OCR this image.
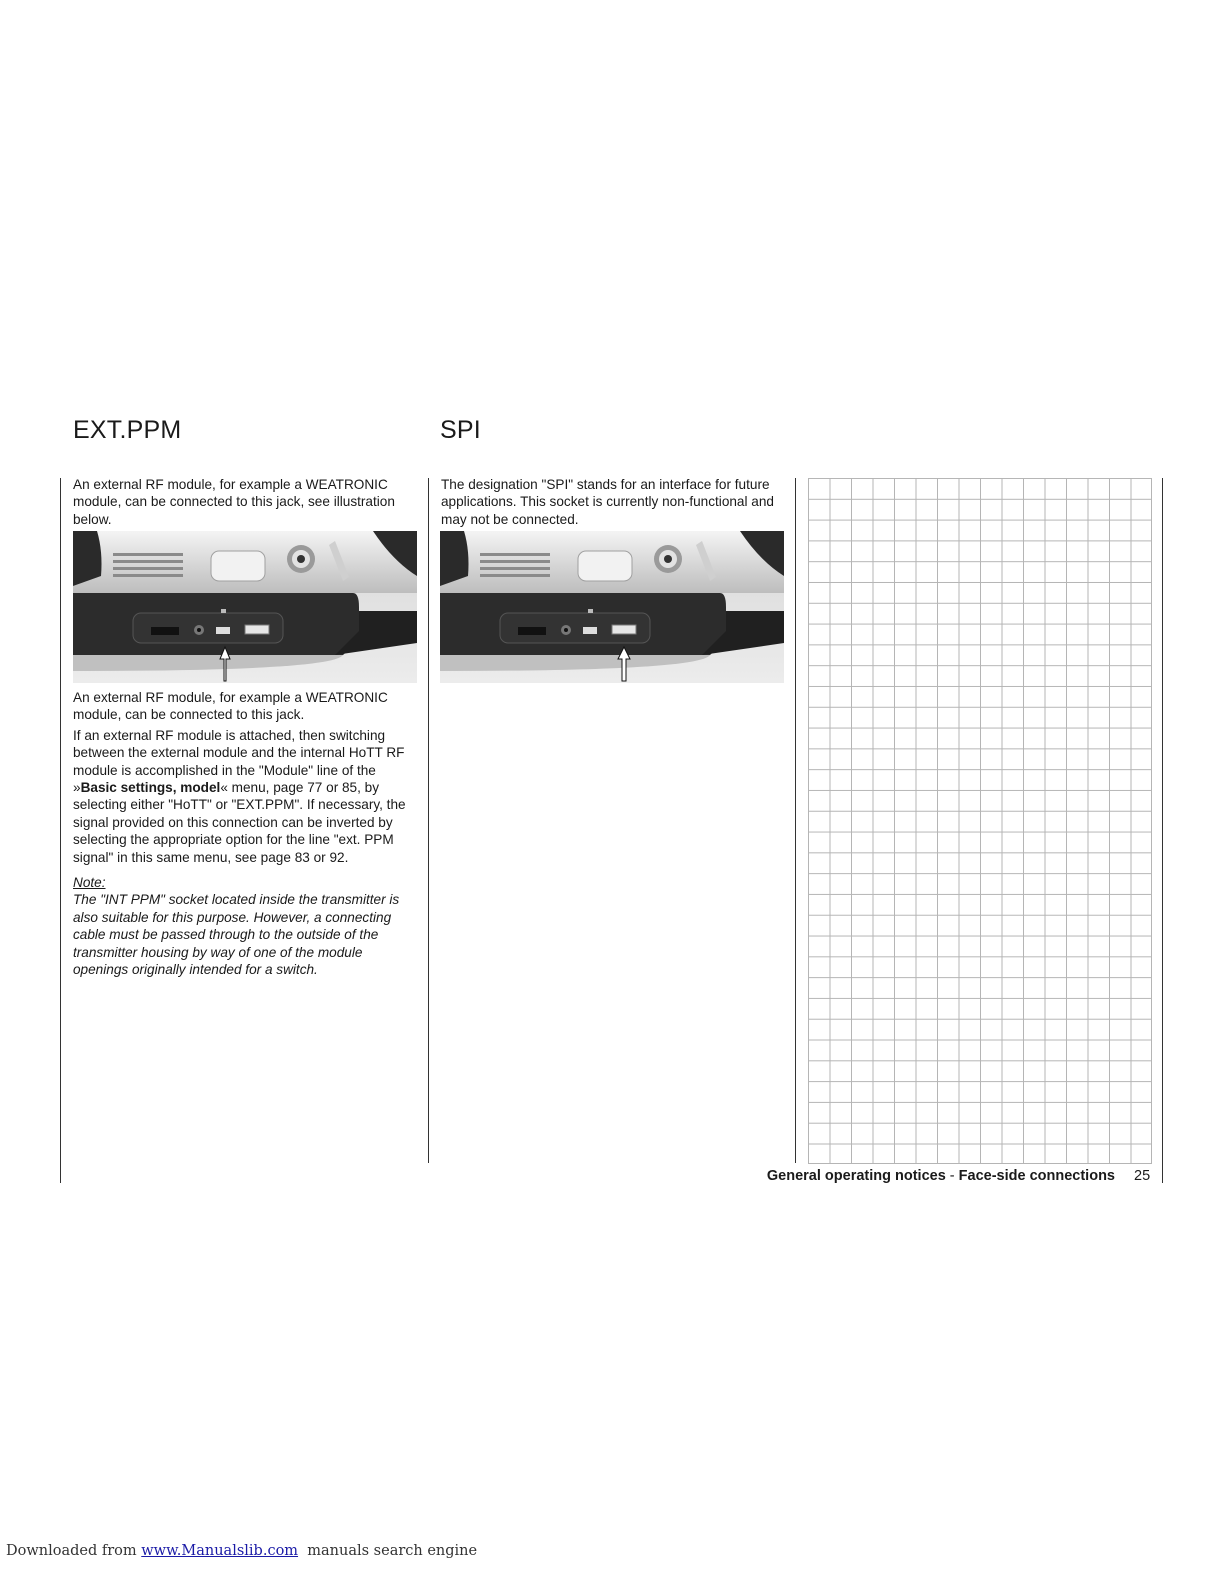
EXT.PPM	SPI

An external RF module, for example a WEATRONIC module, can be connected to this jack, see illustration below.

An external RF module, for example a WEATRONIC module, can be connected to this jack.

If an external RF module is attached, then switching between the external module and the internal HoTT RF module is accomplished in the "Module" line of the »Basic settings, model« menu, page 77 or 85, by selecting either "HoTT" or "EXT.PPM". If necessary, the signal provided on this connection can be inverted by selecting the appropriate option for the line "ext. PPM signal" in this same menu, see page 83 or 92.

Note:

The "INT PPM" socket located inside the transmitter is also suitable for this purpose. However, a connecting cable must be passed through to the outside of the transmitter housing by way of one of the module openings originally intended for a switch.

The designation "SPI" stands for an interface for future applications. This socket is currently non-functional and may not be connected.

General operating notices - Face-side connections 25
Downloaded from www.Manualslib.com  manuals search engine
